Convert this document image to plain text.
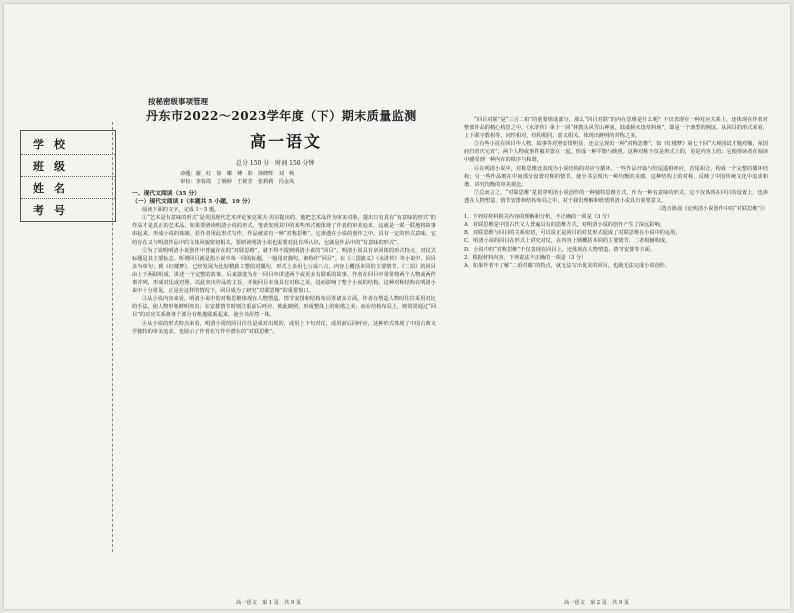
学校
班级
姓名
考号
按秘密级事项管理
丹东市2022～2023学年度（下）期末质量监测
高一语文
总分 150 分　时间 150 分钟
命题：谢　红　徐　娜　傅　聆　徐晓辉　刘　畅
审校：李春霞　丁婉婷　王筱芳　张莉莉　冯金凤
一、现代文阅读（35 分）
（一）现代文阅读 I（本题共 5 小题，19 分）

阅读下面的文字，完成 1～5 题。

①“艺术是有意味的形式”是英国现代艺术评论家克莱夫·贝尔提出的，他把艺术品作为审美对象，提出只有具有“有意味的形式”的作品才是真正的艺术品。如果要研读明清小说的形式，笔者发现其中的某些形式便体现了作者的审美追求，这就是一联一联地将故事串起来，形成小说的体制，若作者用此形式写作，作品就富有一种“对称思维”。它渗透在小说的创作之中，具有一定的形式意味，它的存在又与明清作品中的文体风貌密切相关，要研读明清小说也需要对此有所认识，它就是作品中的“有意味的形式”。

②为了说明明清小说创作中普遍存在的“对联思维”，就不得不提到明清小说的“回目”。明清小说具有章回体的形式特点，对仗式标题是其主要标志。所谓回目就是指小说中每一回的标题，一般用对偶句，被称作“回目”。在《三国演义》《水浒传》等小说中，回目多为单句；到《红楼梦》，已经发展为比较精致工整的对偶句，形式上多用七言或八言，内容上概括本回的主要情节。《二拍》的回目由上下两联组成，讲述一个完整的故事，后来演变为在一回目中讲述两个或更多有联系的故事。作者在回目中常常将两个人物或两件事并列，形成对比或对照，以此突出作品的主旨，并使回目本身具有对称之美，进而影响了整个小说的结构。这种对称结构在明清小说中十分常见，正是在这样的情况下，回目成为了研究“对联思维”的重要窗口。

③从小说内容来看，明清小说中的对称思维体现在人物塑造、情节安排和结构布局等诸多方面。作者在塑造人物时往往采用对比的手法，使人物形象鲜明突出；在安排情节时则注重前后呼应、彼此映照，形成整体上的和谐之美；而在结构布局上，则常常通过“回目”的对应关系将各个部分有机地联系起来，使全书浑然一体。

④从小说的形式特点来看，明清小说的回目往往是成对出现的，或用上下句对仗，或用前后回呼应，这种形式体现了中国古典文学独特的审美追求，也展示了作者在写作中潜在的“对联思维”。

高一语文　第 1 页　共 9 页

“回目对联”是“三言二拍”的重要组成部分，那么“回目对联”的内在思维是什么呢？不仅表现在一种对应关系上，还体现在作者对整部作品的精心构思之中。《水浒传》第十一回“林教头风雪山神庙，陆虞候火烧草料场”，即是一个典型的例证。从回目的形式来看，上下联字数相等，词性相对，结构相同，意义相关，体现出鲜明的对称之美。

⑤有些小说在回目中人物、故事等对照安排明显，还会呈现出一种“对称思维”，如《红楼梦》第七十回“大观园试才题对额，荣国府归省庆元宵”，两个人物或事件被并置在一起，形成一种平衡与映照。这种对称不仅是形式上的，更是内容上的；它使得读者在阅读中感受到一种内在的秩序与和谐。

⑥在明清小说中，对称思维还表现为小说结构的对应与循环。一些作品开篇与结尾遥相呼应，首尾相合，构成一个完整的循环结构；另一些作品则在中间部分设置对称的情节，使全书呈现出一种均衡的美感。这种结构上的对称，反映了中国传统文化中追求和谐、讲究均衡的审美观念。

⑦总而言之，“对联思维”是贯穿明清小说创作的一种独特思维方式。作为一种有意味的形式，它不仅体现在回目的设置上，也渗透在人物塑造、情节安排和结构布局之中，对于我们理解和欣赏明清小说具有重要意义。

（选自陈晨《论明清小说创作中的“对联思维”》）

1．下列对材料相关内容的理解和分析，不正确的一项是（3 分）

A．对联思维是中国古代文人普遍具有的思维方式，对明清小说的创作产生了深远影响。

B．对联思维与回目的关系密切，可以说正是回目的对仗形式促成了对联思维在小说中的运用。

C．明清小说的回目在形式上讲究对仗，在内容上则概括本回的主要情节，二者相辅相成。

D．小说中的“对称思维”不仅表现在回目上，还体现在人物塑造、情节安排等方面。

2．根据材料内容，下列说法不正确的一项是（3 分）

A．如果作者不了解“二语对偶”的特点，就无法写出优美的回目，也就无法完成小说创作。

高一语文　第 2 页　共 9 页
